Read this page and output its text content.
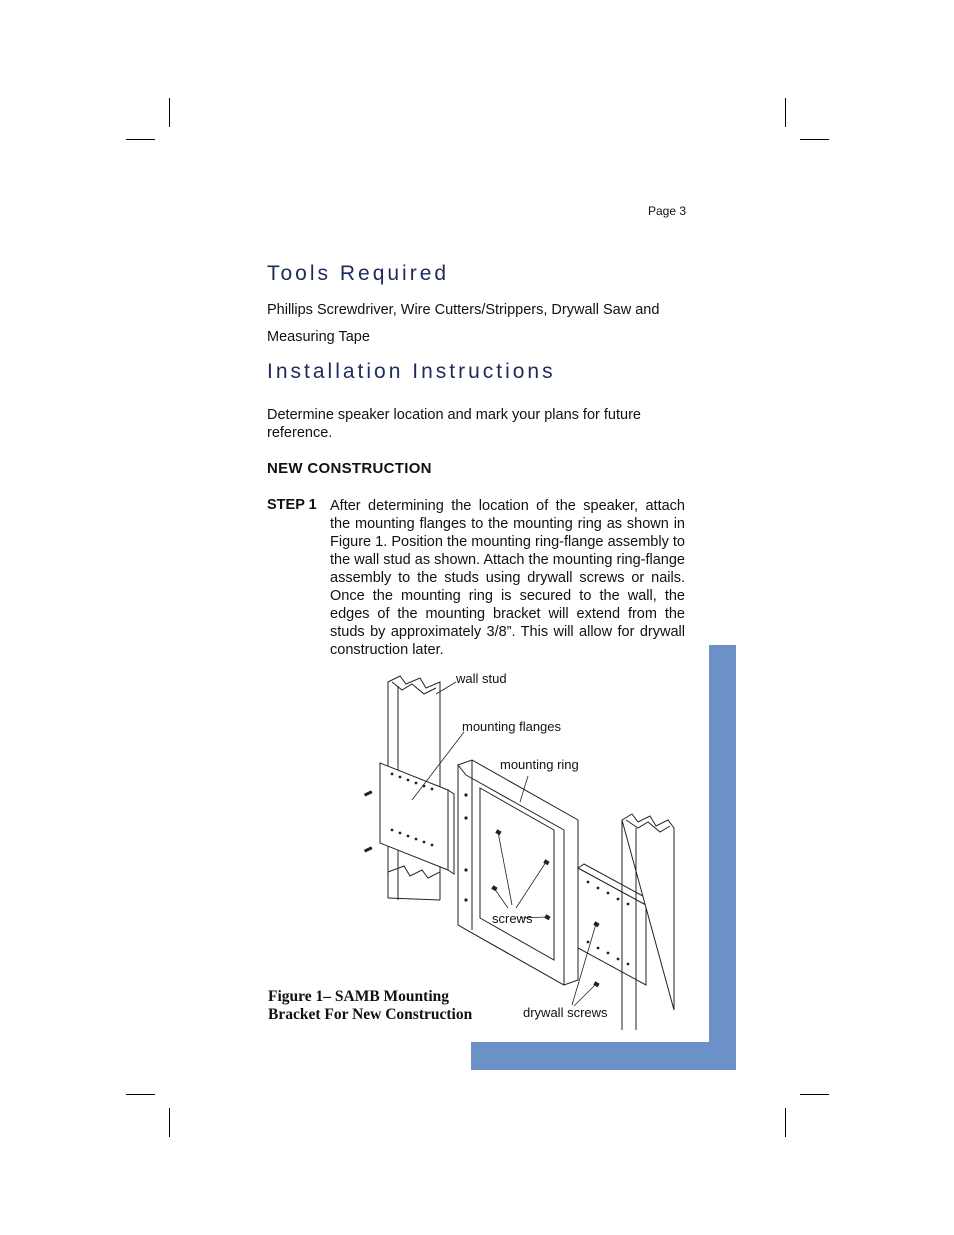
Page 3
Tools Required
Phillips Screwdriver, Wire Cutters/Strippers, Drywall Saw and
Measuring Tape
Installation Instructions
Determine speaker location and mark your plans for future reference.
NEW CONSTRUCTION
STEP 1 After determining the location of the speaker, attach the mounting flanges to the mounting ring as shown in Figure 1. Position the mounting ring-flange assembly to the wall stud as shown. Attach the mounting ring-flange assembly to the studs using drywall screws or nails. Once the mounting ring is secured to the wall, the edges of the mounting bracket will extend from the studs by approximately 3/8”. This will allow for drywall construction later.
wall stud
mounting flanges
mounting ring
screws
drywall screws
Figure 1– SAMB Mounting
Bracket For New Construction
